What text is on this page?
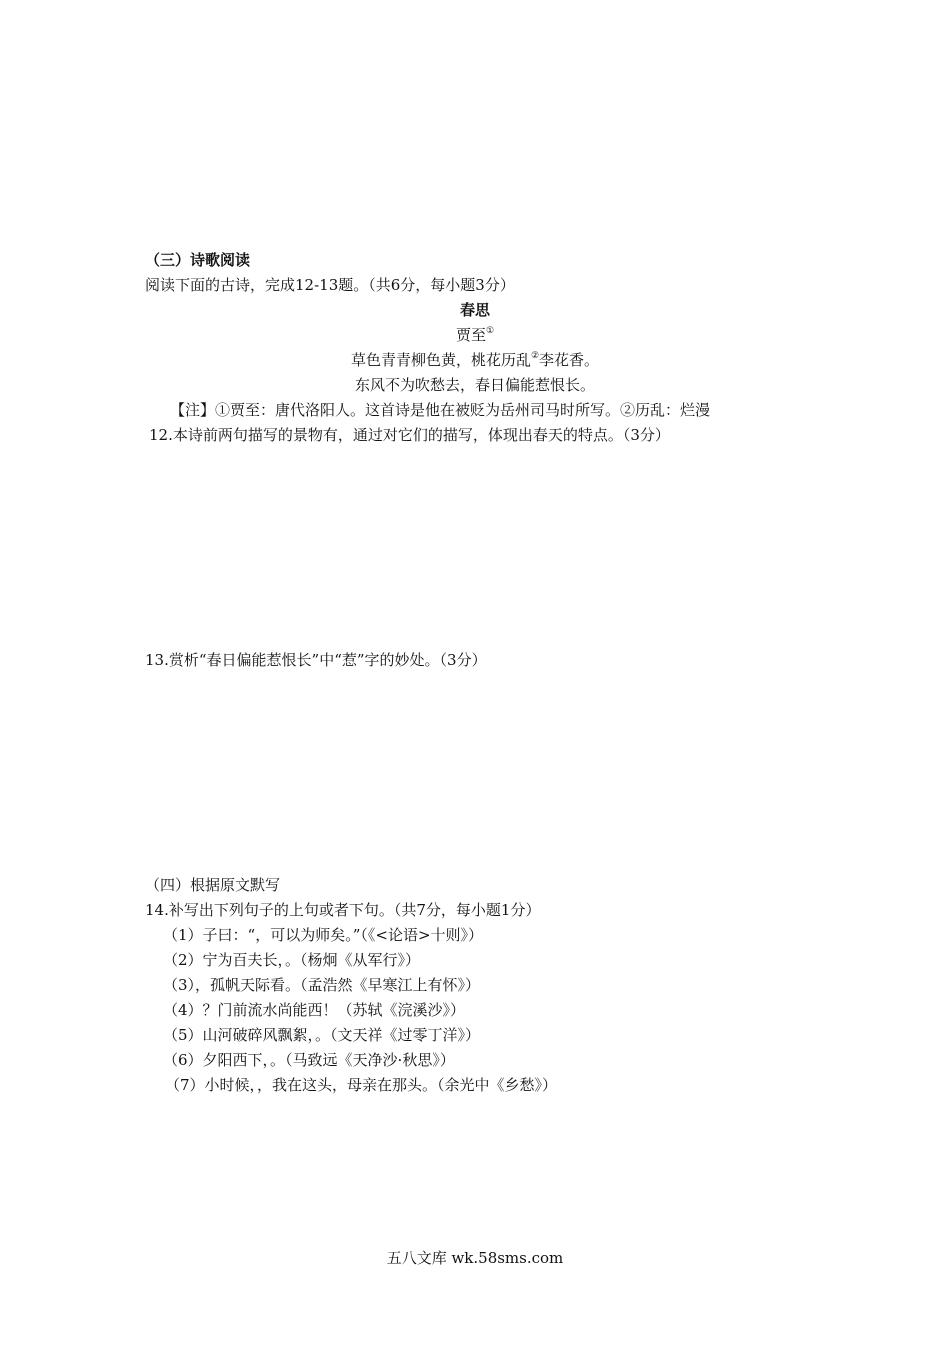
（三）诗歌阅读
阅读下面的古诗，完成12-13题。（共6分，每小题3分）
春思
贾至①
草色青青柳色黄，桃花历乱②李花香。
东风不为吹愁去，春日偏能惹恨长。
【注】①贾至：唐代洛阳人。这首诗是他在被贬为岳州司马时所写。②历乱：烂漫
12.本诗前两句描写的景物有，通过对它们的描写，体现出春天的特点。（3分）
13.赏析“春日偏能惹恨长”中“惹”字的妙处。（3分）
（四）根据原文默写
14.补写出下列句子的上句或者下句。（共7分，每小题1分）
（1）子曰：“，可以为师矣。”（《<论语>十则》）
（2）宁为百夫长，。（杨炯《从军行》）
（3），孤帆天际看。（孟浩然《早寒江上有怀》）
（4）？门前流水尚能西！（苏轼《浣溪沙》）
（5）山河破碎风飘絮，。（文天祥《过零丁洋》）
（6）夕阳西下，。（马致远《天净沙·秋思》）
（7）小时候，，我在这头，母亲在那头。（余光中《乡愁》）
五八文库 wk.58sms.com
